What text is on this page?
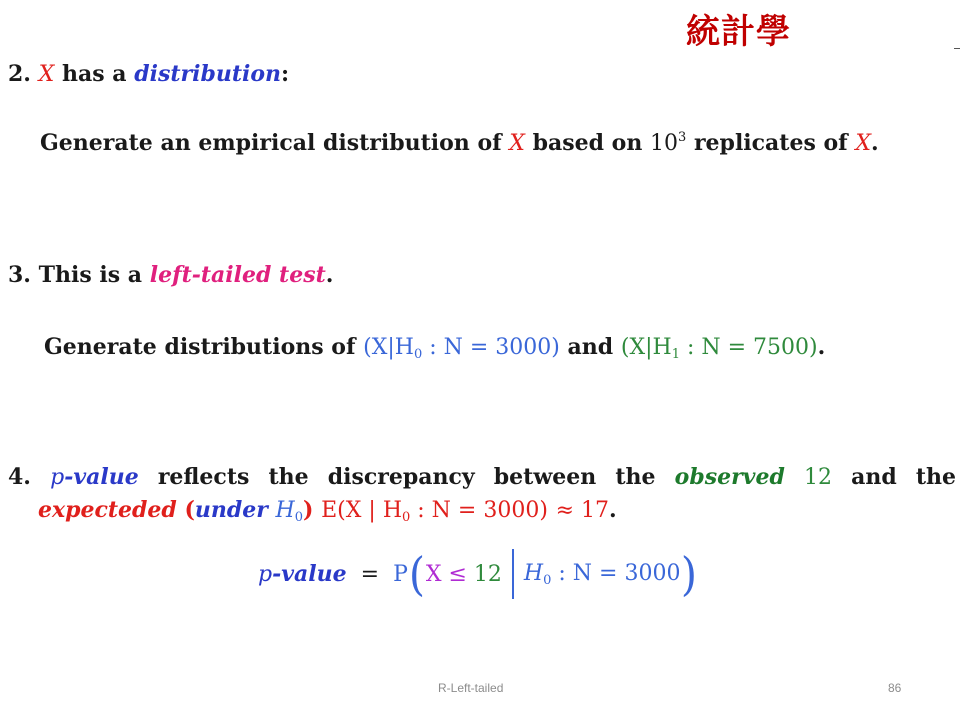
統計學
2. X has a distribution:
Generate an empirical distribution of X based on $10^3$ replicates of X.
3. This is a left-tailed test.
Generate distributions of ($X|H_0$ : N = 3000) and ($X|H_1$ : N = 7500).
4. p-value reflects the discrepancy between the observed 12 and the
expecteded (under $H_0$) E(X | $H_0$ : N = 3000) ≈ 17.
p-value = P ( X ≤
12 $H_0$ : N = 3000 )
R-Left-tailed	86
